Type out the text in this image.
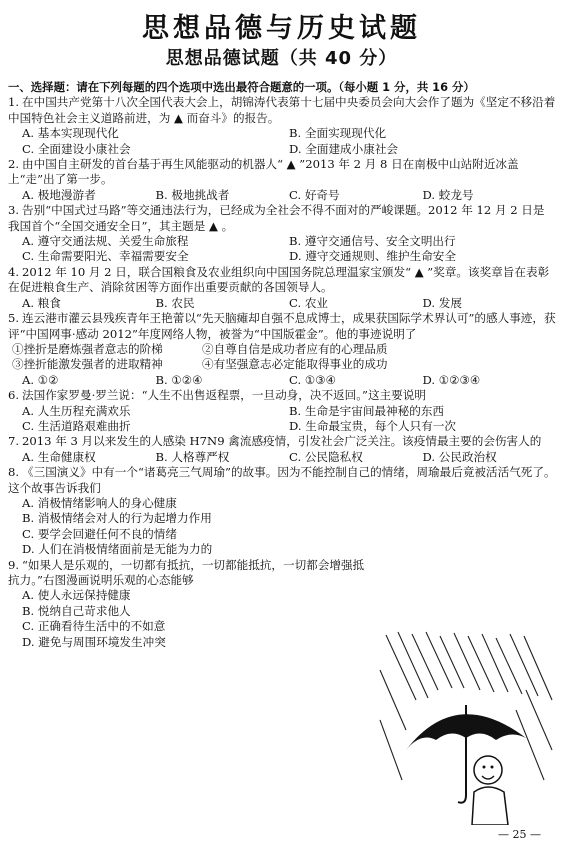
思想品德与历史试题
思想品德试题（共 40 分）
一、选择题：请在下列每题的四个选项中选出最符合题意的一项。（每小题 1 分，共 16 分）
1. 在中国共产党第十八次全国代表大会上，胡锦涛代表第十七届中央委员会向大会作了题为《坚定不移沿着中国特色社会主义道路前进，为 ▲ 而奋斗》的报告。
A. 基本实现现代化	B. 全面实现现代化
C. 全面建设小康社会	D. 全面建成小康社会
2. 由中国自主研发的首台基于再生风能驱动的机器人“ ▲ ”2013 年 2 月 8 日在南极中山站附近冰盖上“走”出了第一步。
A. 极地漫游者	B. 极地挑战者	C. 好奇号	D. 蛟龙号
3. 告别“中国式过马路”等交通违法行为，已经成为全社会不得不面对的严峻课题。2012 年 12 月 2 日是我国首个“全国交通安全日”，其主题是 ▲ 。
A. 遵守交通法规、关爱生命旅程	B. 遵守交通信号、安全文明出行
C. 生命需要阳光、幸福需要安全	D. 遵守交通规则、维护生命安全
4. 2012 年 10 月 2 日，联合国粮食及农业组织向中国国务院总理温家宝颁发“ ▲ ”奖章。该奖章旨在表彰在促进粮食生产、消除贫困等方面作出重要贡献的各国领导人。
A. 粮食	B. 农民	C. 农业	D. 发展
5. 连云港市灌云县残疾青年王艳蕾以“先天脑瘫却自强不息成博士，成果获国际学术界认可”的感人事迹，获评“中国网事·感动 2012”年度网络人物，被誉为“中国版霍金”。他的事迹说明了
①挫折是磨炼强者意志的阶梯	②自尊自信是成功者应有的心理品质
③挫折能激发强者的进取精神	④有坚强意志必定能取得事业的成功
A. ①②	B. ①②④	C. ①③④	D. ①②③④
6. 法国作家罗曼·罗兰说：“人生不出售返程票，一旦动身，决不返回。”这主要说明
A. 人生历程充满欢乐	B. 生命是宇宙间最神秘的东西
C. 生活道路艰难曲折	D. 生命最宝贵，每个人只有一次
7. 2013 年 3 月以来发生的人感染 H7N9 禽流感疫情，引发社会广泛关注。该疫情最主要的会伤害人的
A. 生命健康权	B. 人格尊严权	C. 公民隐私权	D. 公民政治权
8. 《三国演义》中有一个“诸葛亮三气周瑜”的故事。因为不能控制自己的情绪，周瑜最后竟被活活气死了。这个故事告诉我们
A. 消极情绪影响人的身心健康
B. 消极情绪会对人的行为起增力作用
C. 要学会回避任何不良的情绪
D. 人们在消极情绪面前是无能为力的
9. “如果人是乐观的，一切都有抵抗，一切都能抵抗，一切都会增强抵抗力。”右图漫画说明乐观的心态能够
A. 使人永远保持健康
B. 悦纳自己苛求他人
C. 正确看待生活中的不如意
D. 避免与周围环境发生冲突
— 25 —
